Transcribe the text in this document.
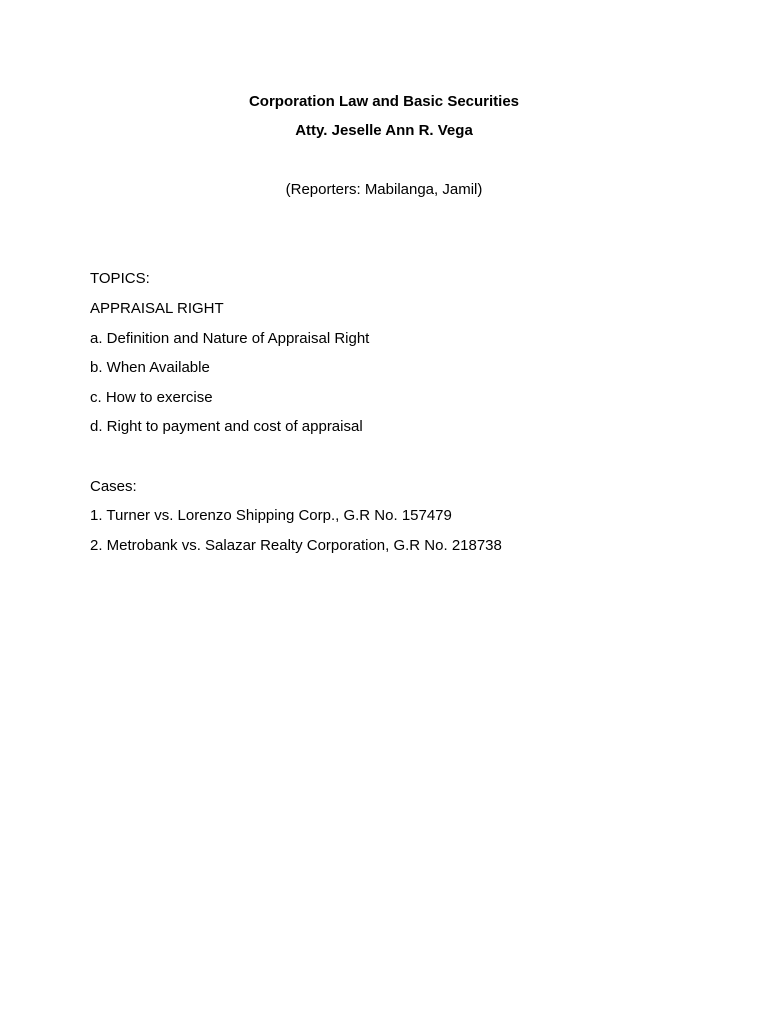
Corporation Law and Basic Securities
Atty. Jeselle Ann R. Vega
(Reporters: Mabilanga, Jamil)
TOPICS:
APPRAISAL RIGHT
a. Definition and Nature of Appraisal Right
b. When Available
c. How to exercise
d. Right to payment and cost of appraisal
Cases:
1. Turner vs. Lorenzo Shipping Corp., G.R No. 157479
2. Metrobank vs. Salazar Realty Corporation, G.R No. 218738
